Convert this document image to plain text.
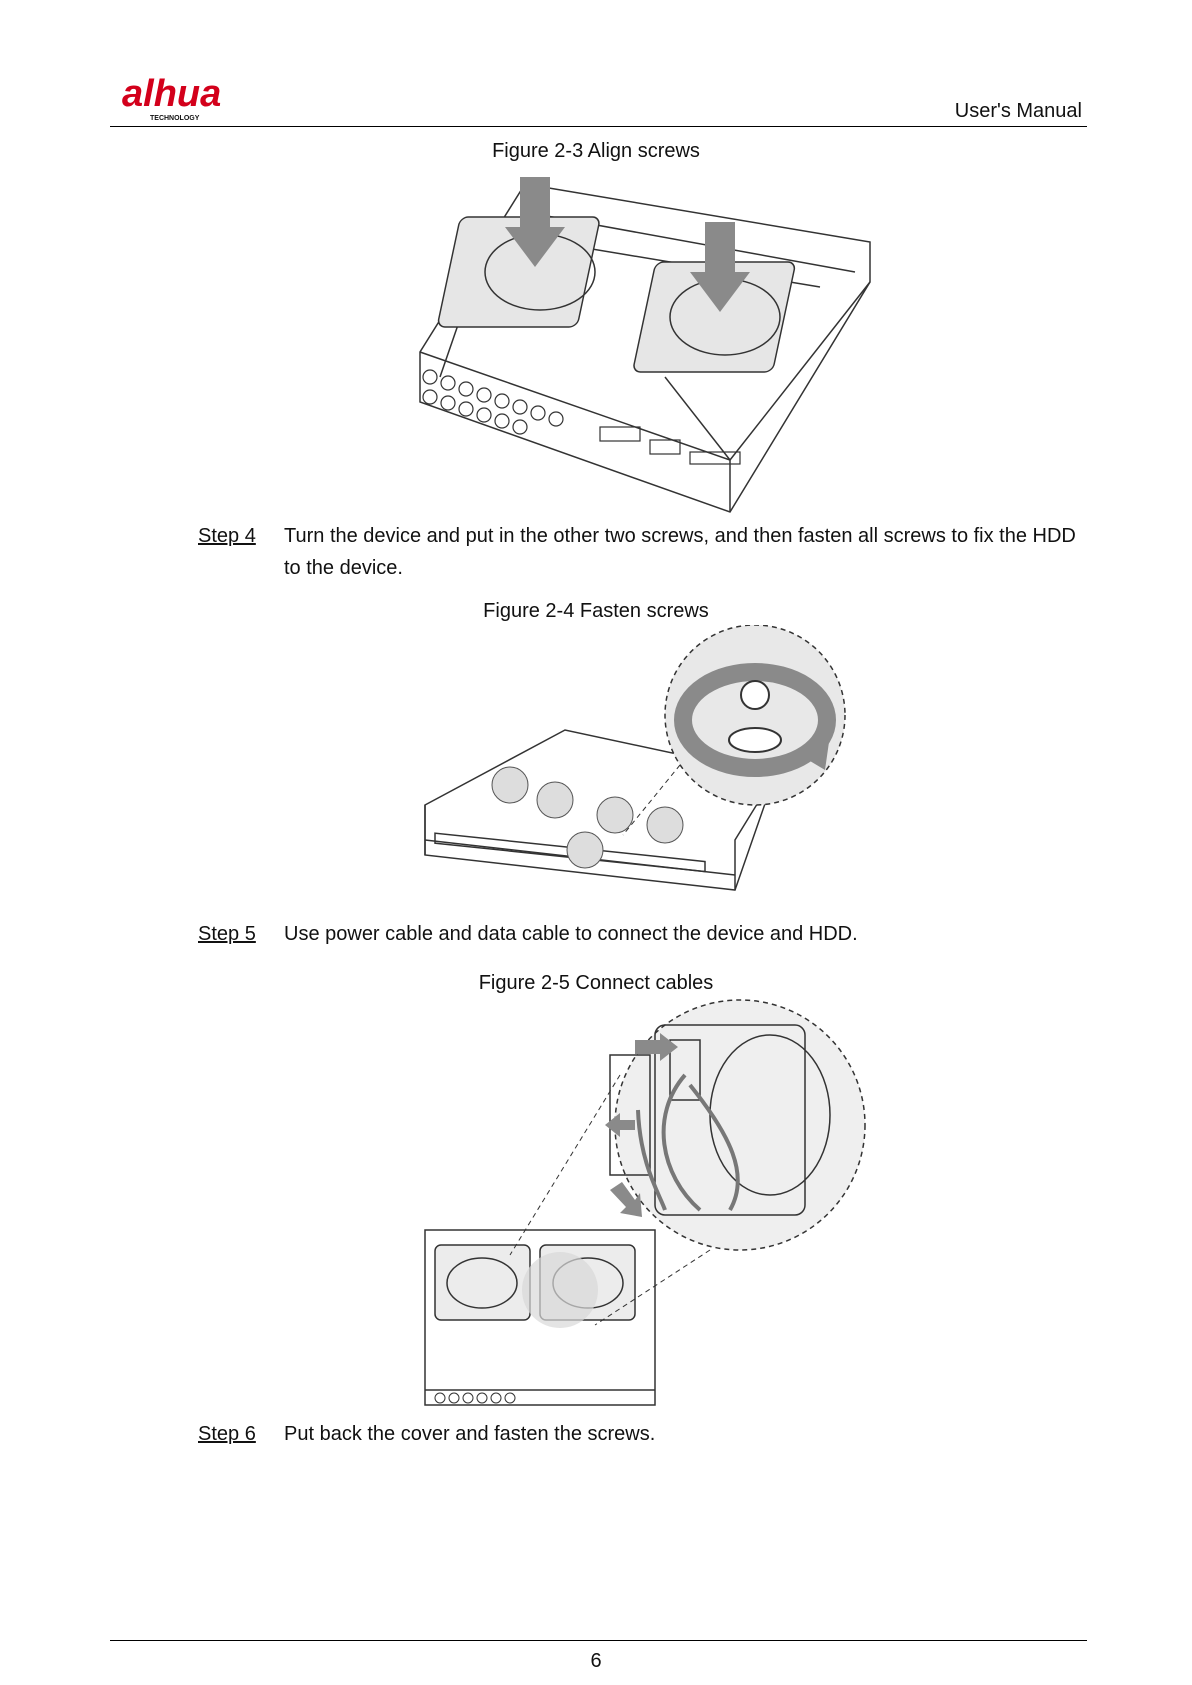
alhua
TECHNOLOGY	User's Manual
Figure 2-3 Align screws
Step 4 Turn the device and put in the other two screws, and then fasten all screws to fix the HDD to the device.
Figure 2-4 Fasten screws
Step 5 Use power cable and data cable to connect the device and HDD.
Figure 2-5 Connect cables
Step 6 Put back the cover and fasten the screws.
6
